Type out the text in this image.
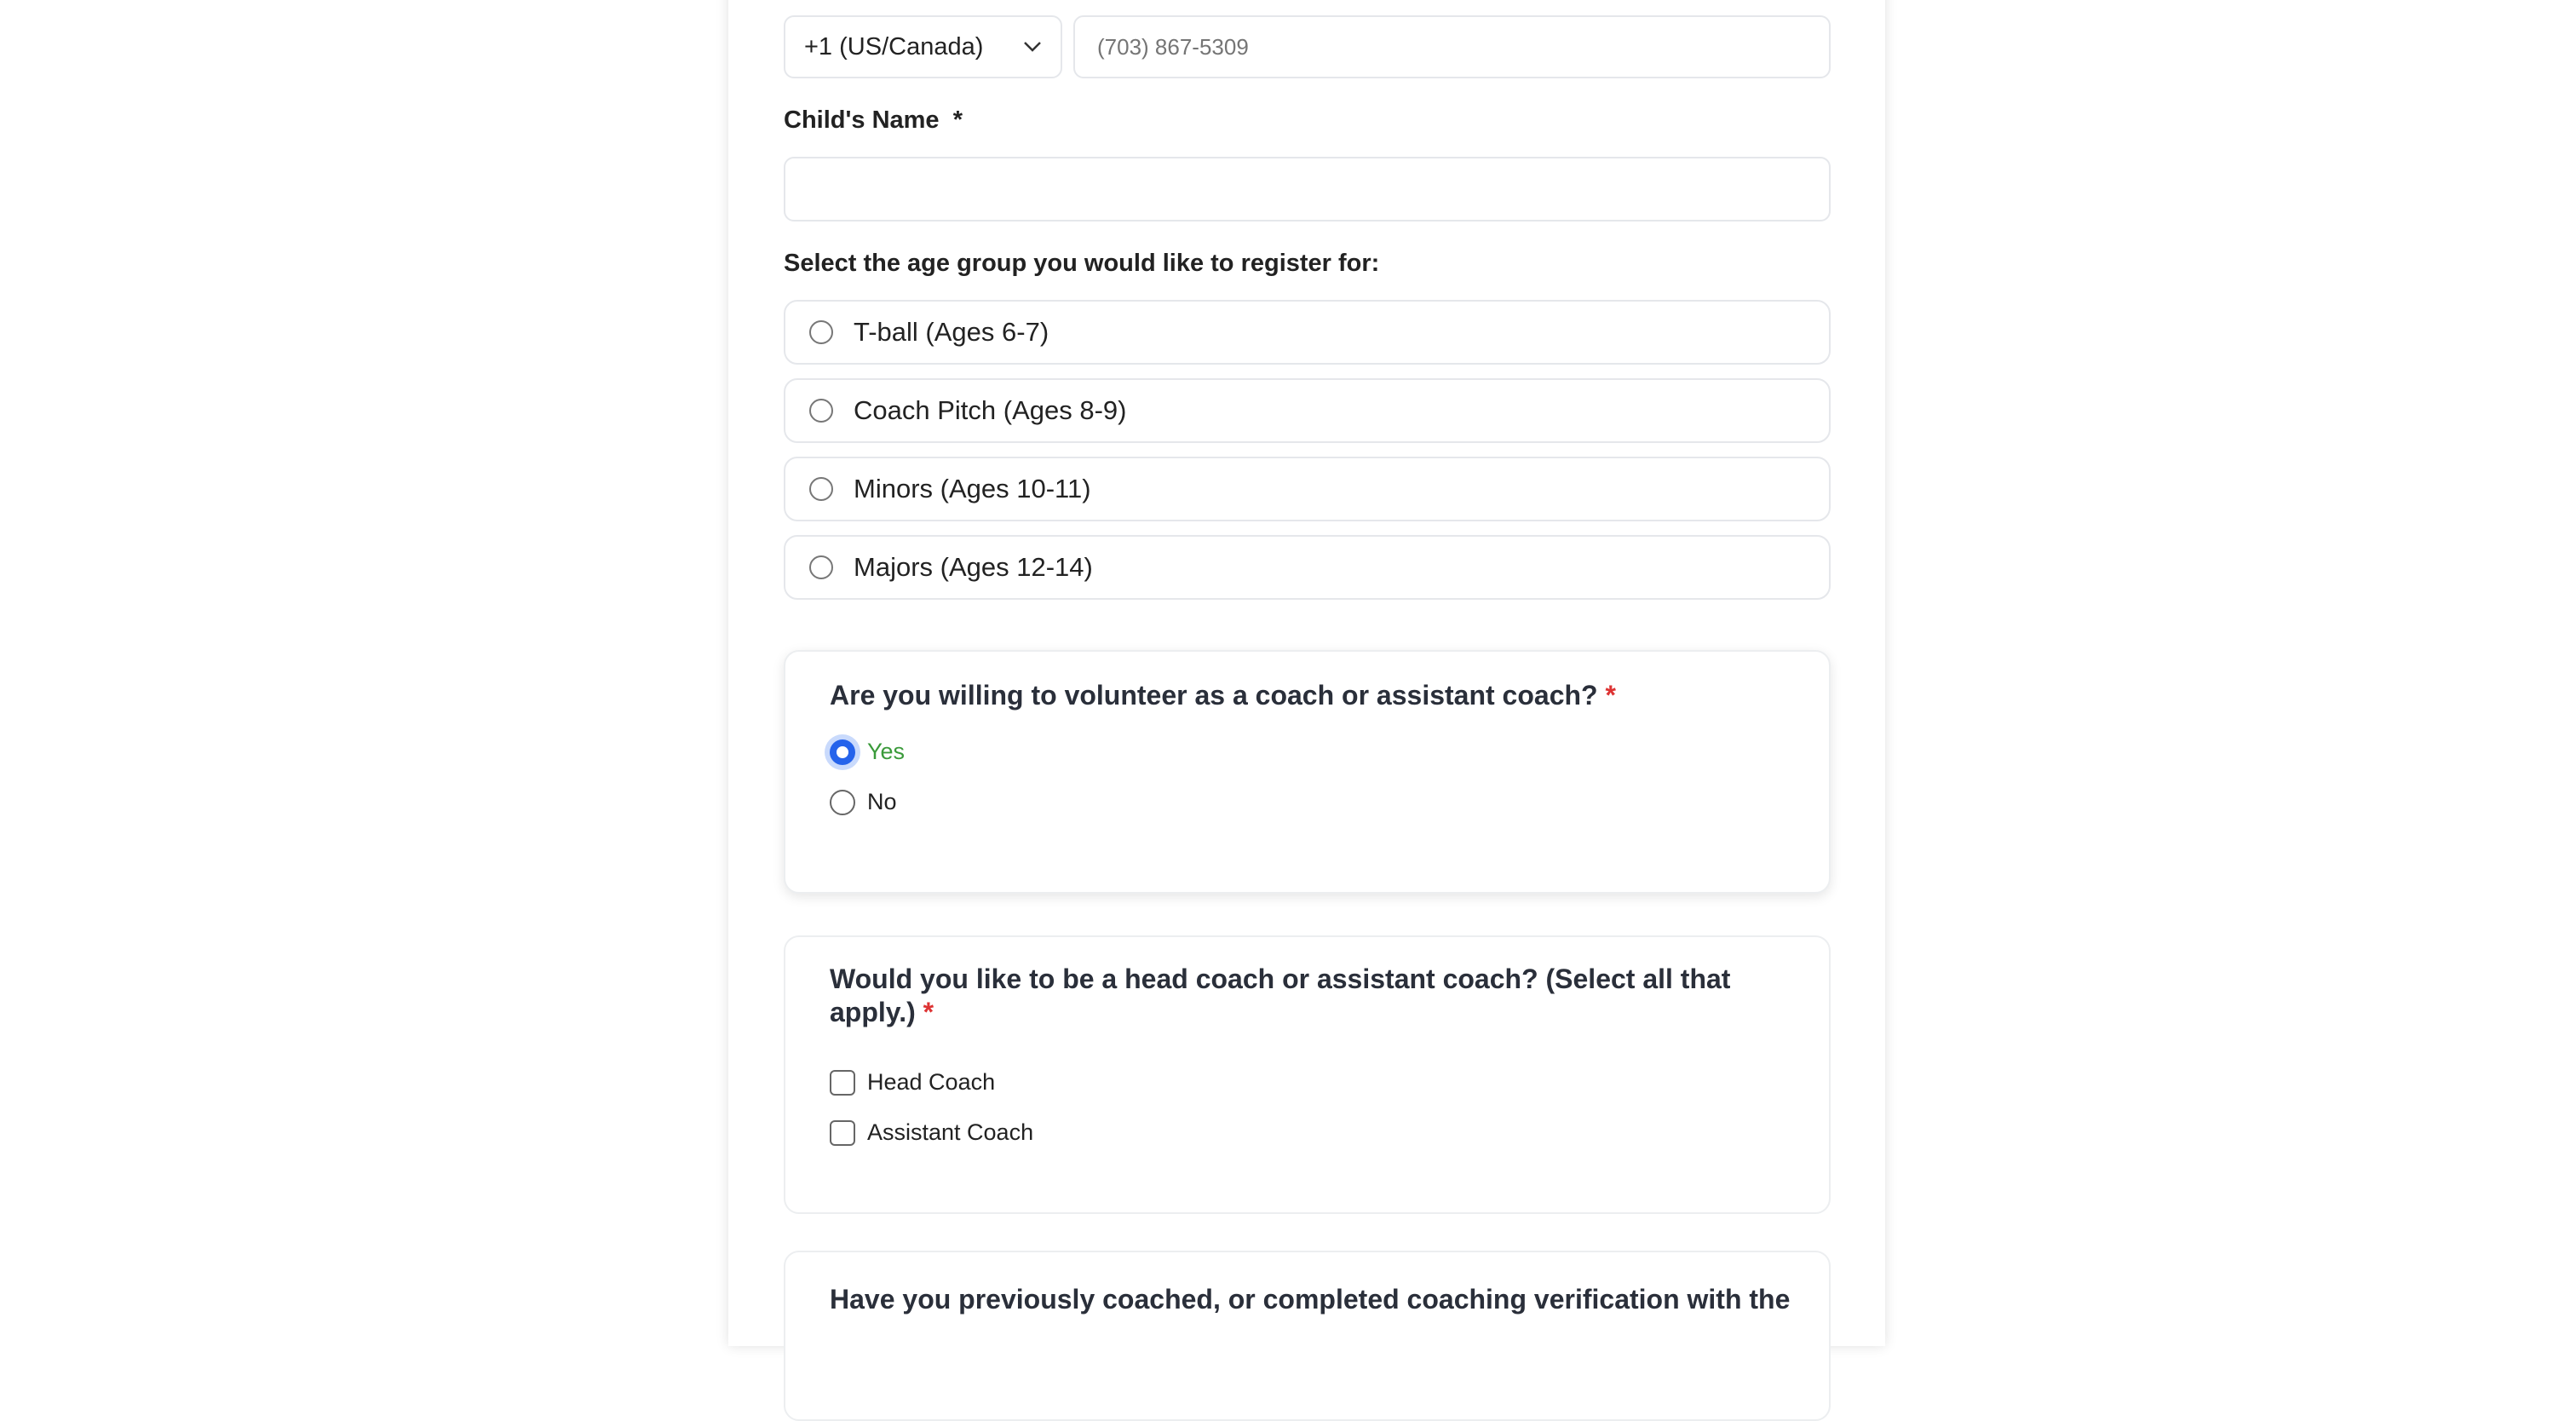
+1 (US/Canada)
(703) 867-5309
Child's Name *
Select the age group you would like to register for:
T-ball (Ages 6-7)
Coach Pitch (Ages 8-9)
Minors (Ages 10-11)
Majors (Ages 12-14)
Are you willing to volunteer as a coach or assistant coach? *
Yes
No
Would you like to be a head coach or assistant coach? (Select all that apply.) *
Head Coach
Assistant Coach
Have you previously coached, or completed coaching verification with the
